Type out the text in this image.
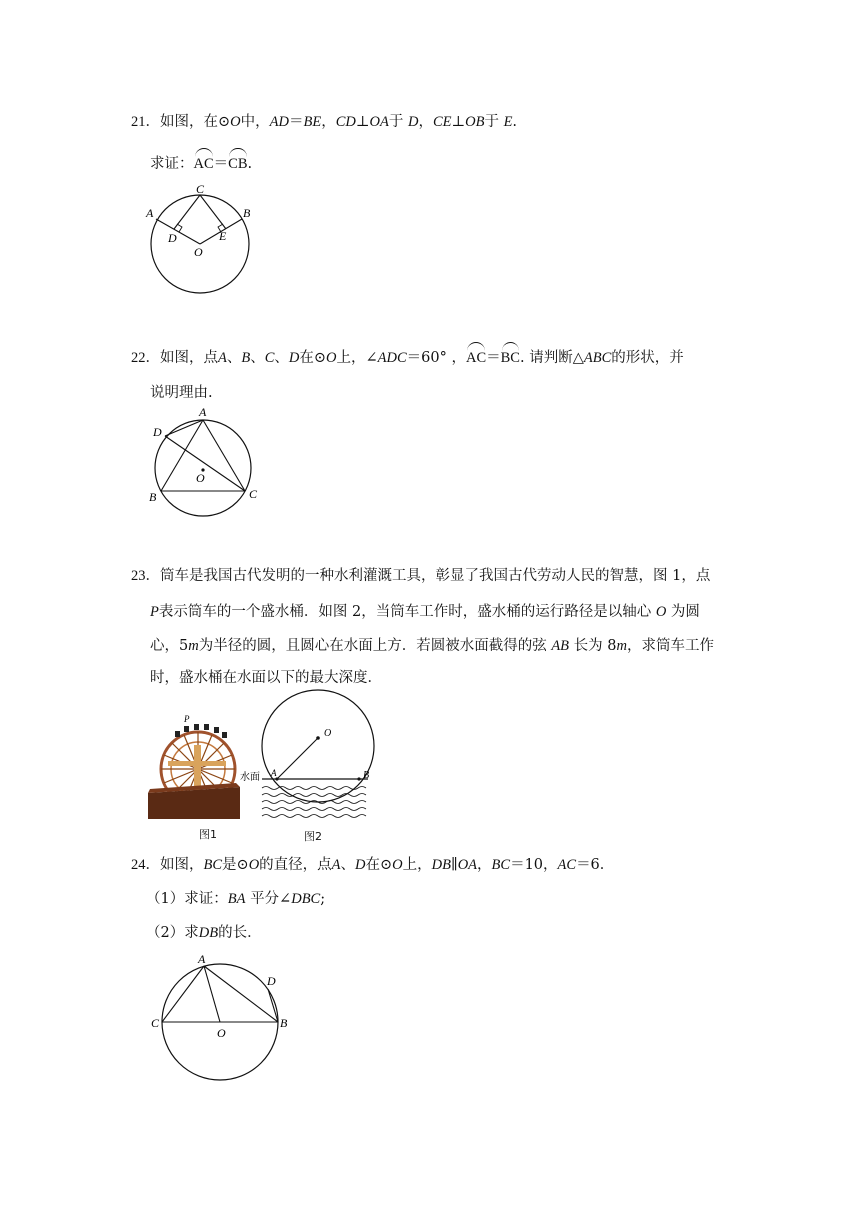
21．如图，在⊙O中，AD＝BE，CD⊥OA于 D，CE⊥OB于 E.
求证：AC＝CB.
C
A	B
D	E
O
22．如图，点A、B、C、D在⊙O上，∠ADC＝60° ，AC＝BC. 请判断△ABC的形状，并
说明理由.
A
D
O
B	C
23．筒车是我国古代发明的一种水利灌溉工具，彰显了我国古代劳动人民的智慧，图 1，点
P表示筒车的一个盛水桶．如图 2，当筒车工作时，盛水桶的运行路径是以轴心 O 为圆
心，5m为半径的圆，且圆心在水面上方．若圆被水面截得的弦 AB 长为 8m，求筒车工作
时，盛水桶在水面以下的最大深度．
P
图1
水面
O
A	B
图2
24．如图，BC是⊙O的直径，点A、D在⊙O上，DB∥OA，BC＝10，AC＝6．
（1）求证：BA 平分∠DBC;
（2）求DB的长．
A
D
C	B
O
